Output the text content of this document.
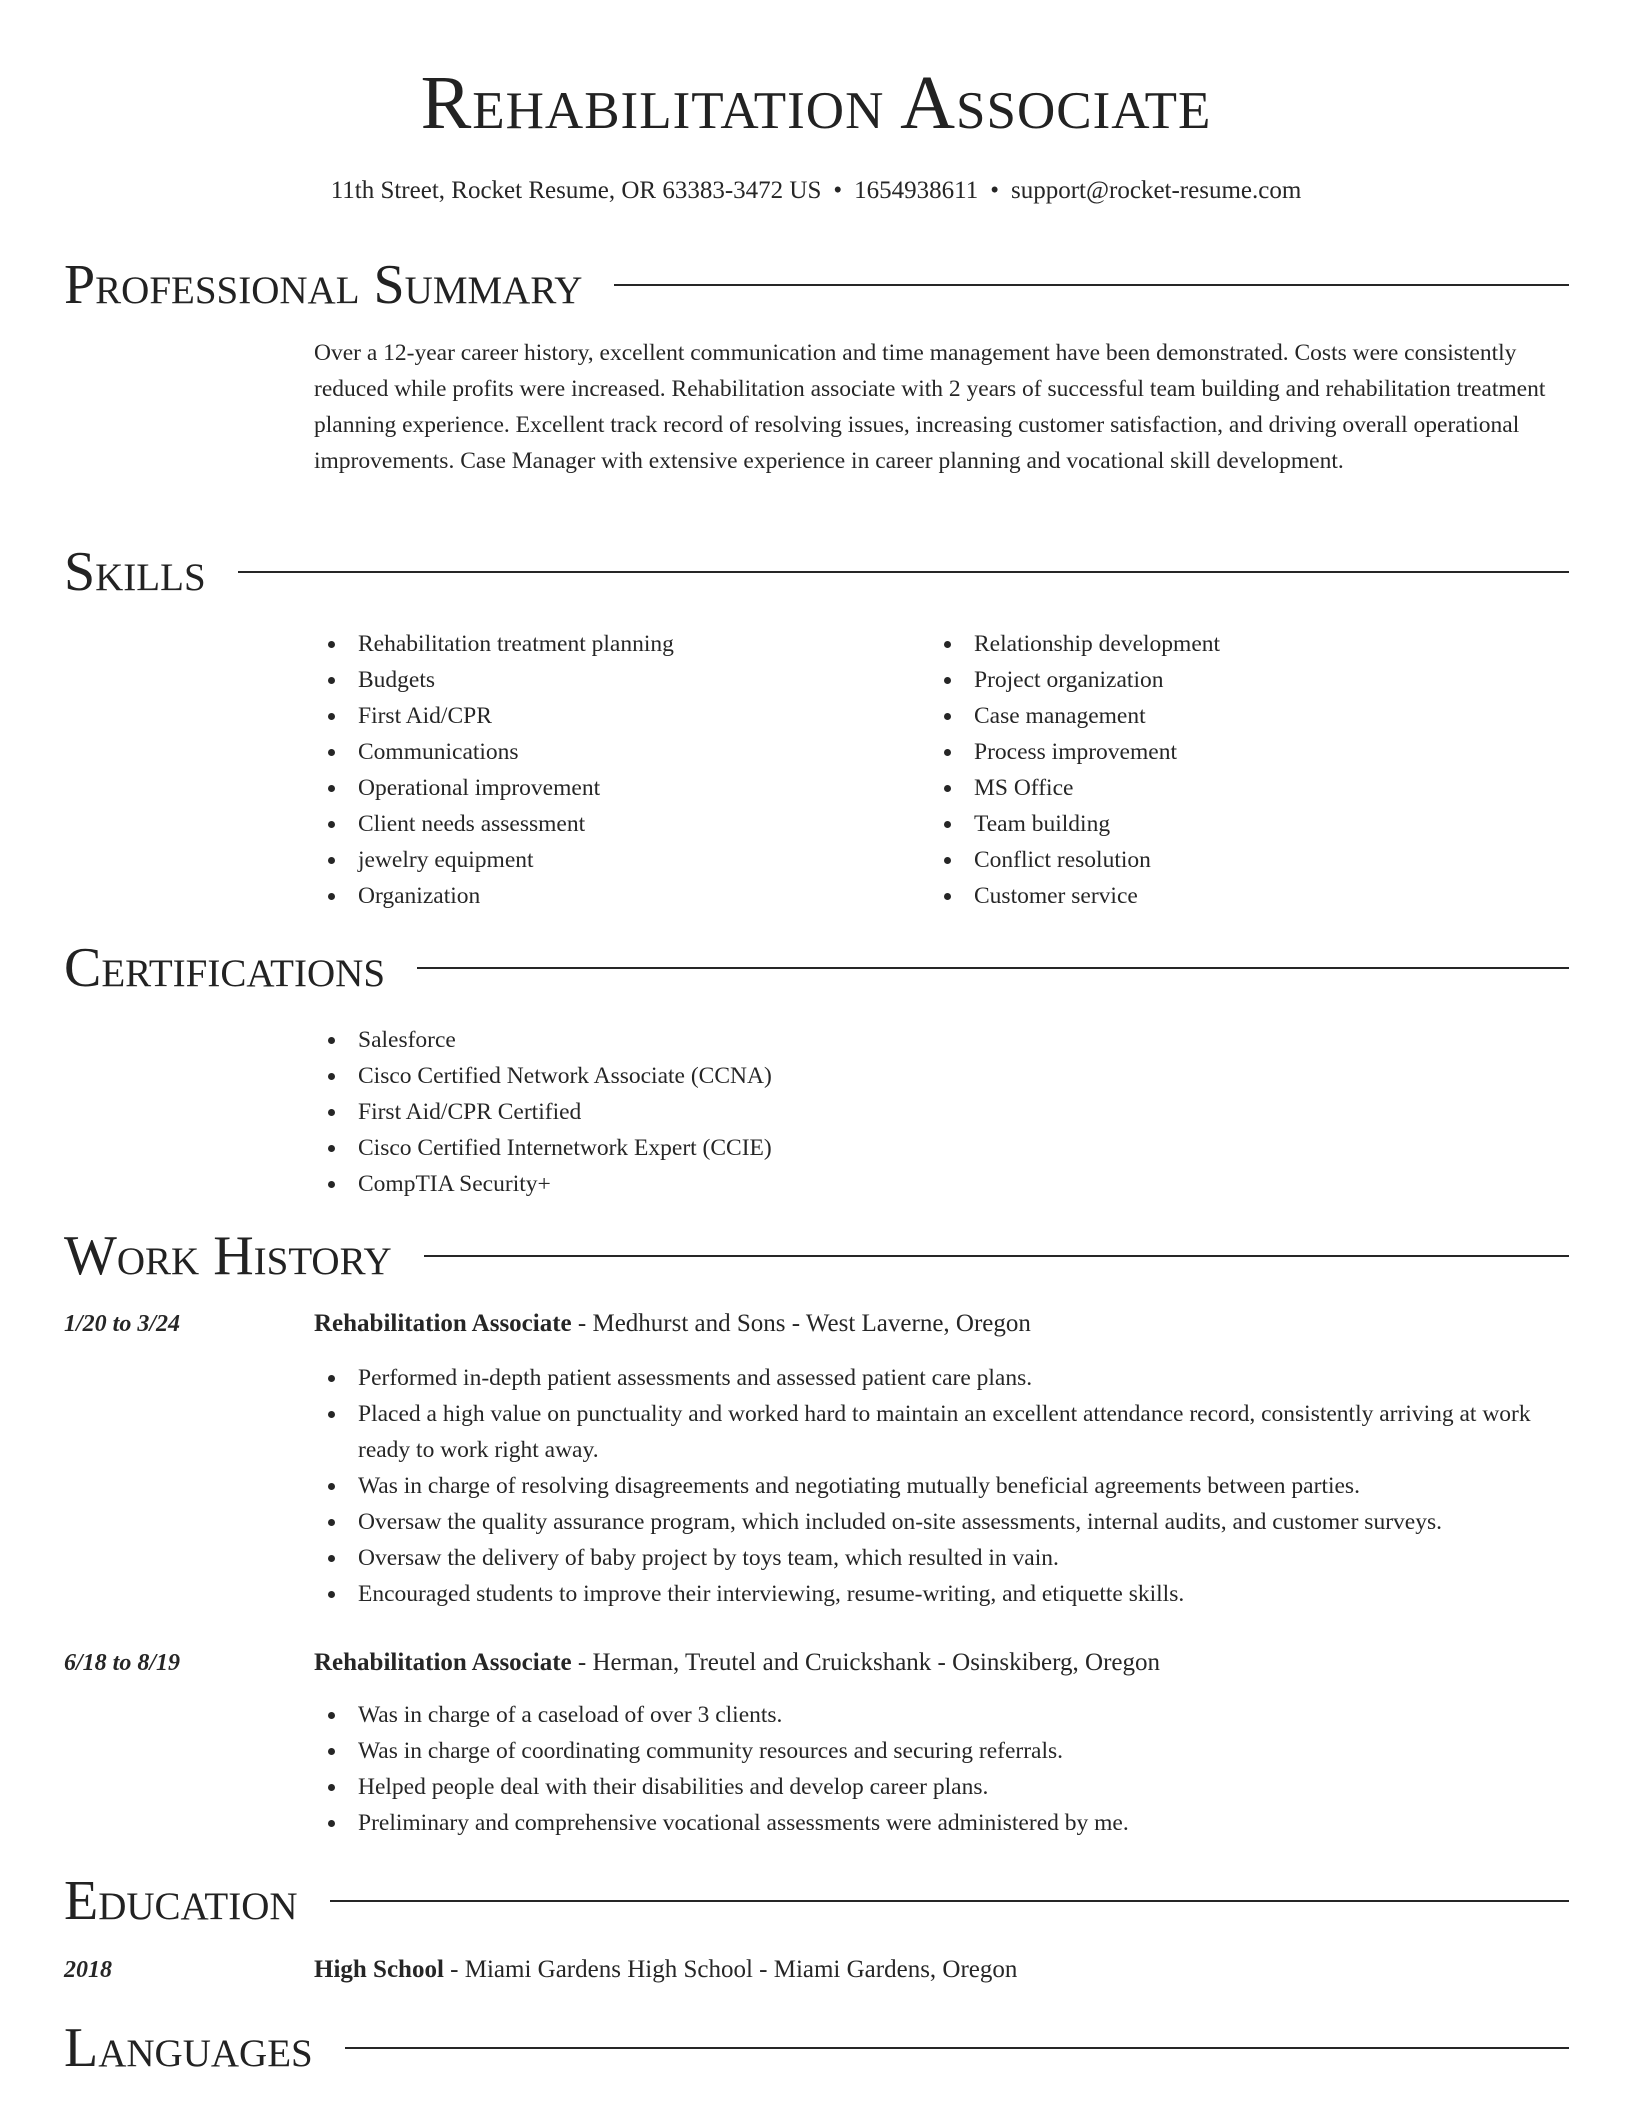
Rehabilitation Associate
11th Street, Rocket Resume, OR 63383-3472 US • 1654938611 • support@rocket-resume.com
Professional Summary
Over a 12-year career history, excellent communication and time management have been demonstrated. Costs were consistently reduced while profits were increased. Rehabilitation associate with 2 years of successful team building and rehabilitation treatment planning experience. Excellent track record of resolving issues, increasing customer satisfaction, and driving overall operational improvements. Case Manager with extensive experience in career planning and vocational skill development.
Skills
Rehabilitation treatment planning
Budgets
First Aid/CPR
Communications
Operational improvement
Client needs assessment
jewelry equipment
Organization
Relationship development
Project organization
Case management
Process improvement
MS Office
Team building
Conflict resolution
Customer service
Certifications
Salesforce
Cisco Certified Network Associate (CCNA)
First Aid/CPR Certified
Cisco Certified Internetwork Expert (CCIE)
CompTIA Security+
Work History
1/20 to 3/24	Rehabilitation Associate - Medhurst and Sons - West Laverne, Oregon
Performed in-depth patient assessments and assessed patient care plans.
Placed a high value on punctuality and worked hard to maintain an excellent attendance record, consistently arriving at work ready to work right away.
Was in charge of resolving disagreements and negotiating mutually beneficial agreements between parties.
Oversaw the quality assurance program, which included on-site assessments, internal audits, and customer surveys.
Oversaw the delivery of baby project by toys team, which resulted in vain.
Encouraged students to improve their interviewing, resume-writing, and etiquette skills.
6/18 to 8/19	Rehabilitation Associate - Herman, Treutel and Cruickshank - Osinskiberg, Oregon
Was in charge of a caseload of over 3 clients.
Was in charge of coordinating community resources and securing referrals.
Helped people deal with their disabilities and develop career plans.
Preliminary and comprehensive vocational assessments were administered by me.
Education
2018	High School - Miami Gardens High School - Miami Gardens, Oregon
Languages
